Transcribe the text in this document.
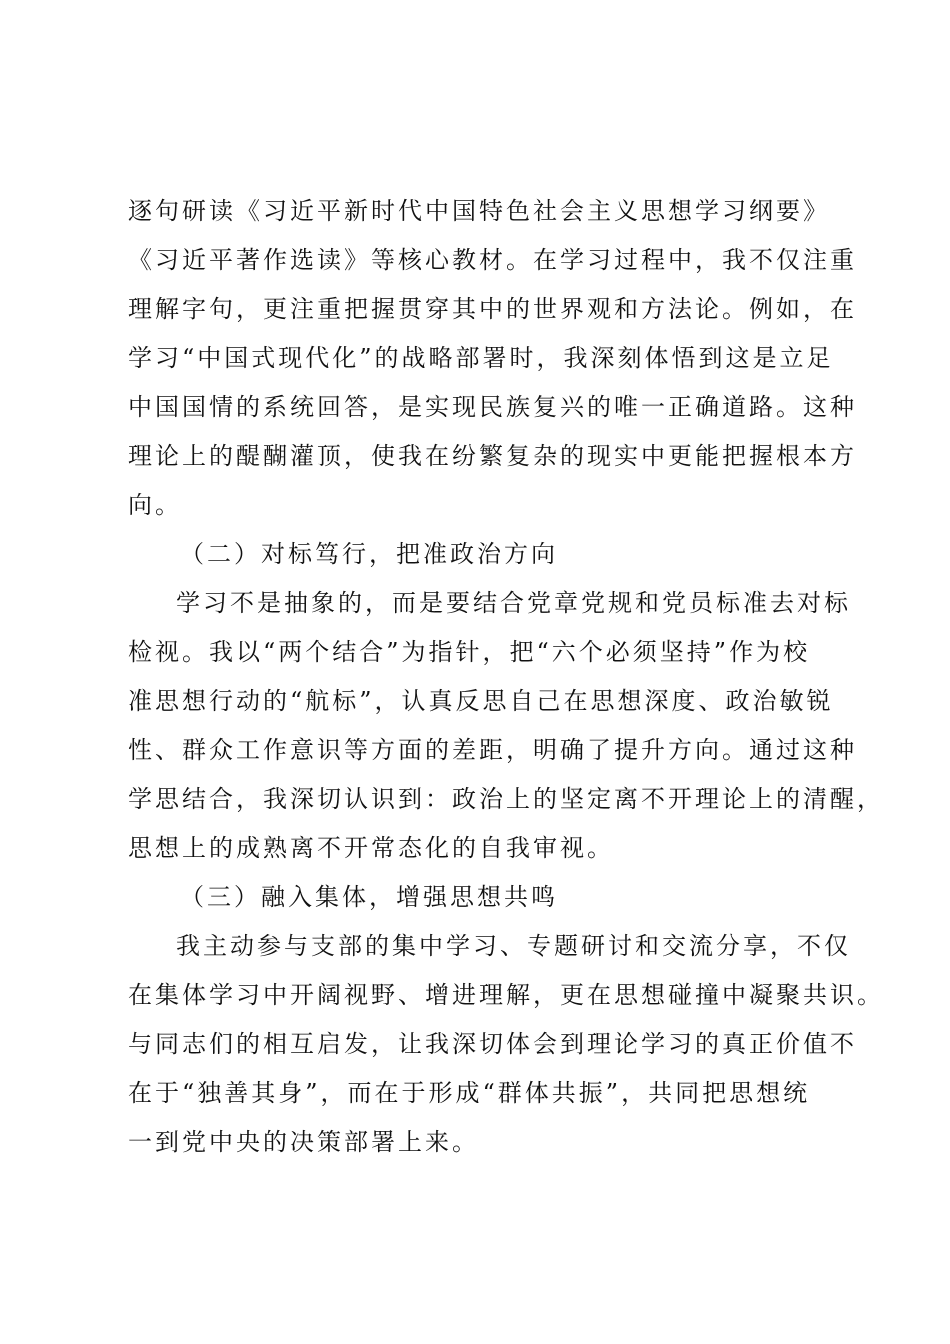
逐句研读《习近平新时代中国特色社会主义思想学习纲要》
《习近平著作选读》等核心教材。在学习过程中，我不仅注重
理解字句，更注重把握贯穿其中的世界观和方法论。例如，在
学习“中国式现代化”的战略部署时，我深刻体悟到这是立足
中国国情的系统回答，是实现民族复兴的唯一正确道路。这种
理论上的醍醐灌顶，使我在纷繁复杂的现实中更能把握根本方
向。
（二）对标笃行，把准政治方向
学习不是抽象的，而是要结合党章党规和党员标准去对标
检视。我以“两个结合”为指针，把“六个必须坚持”作为校
准思想行动的“航标”，认真反思自己在思想深度、政治敏锐
性、群众工作意识等方面的差距，明确了提升方向。通过这种
学思结合，我深切认识到：政治上的坚定离不开理论上的清醒，
思想上的成熟离不开常态化的自我审视。
（三）融入集体，增强思想共鸣
我主动参与支部的集中学习、专题研讨和交流分享，不仅
在集体学习中开阔视野、增进理解，更在思想碰撞中凝聚共识。
与同志们的相互启发，让我深切体会到理论学习的真正价值不
在于“独善其身”，而在于形成“群体共振”，共同把思想统
一到党中央的决策部署上来。
